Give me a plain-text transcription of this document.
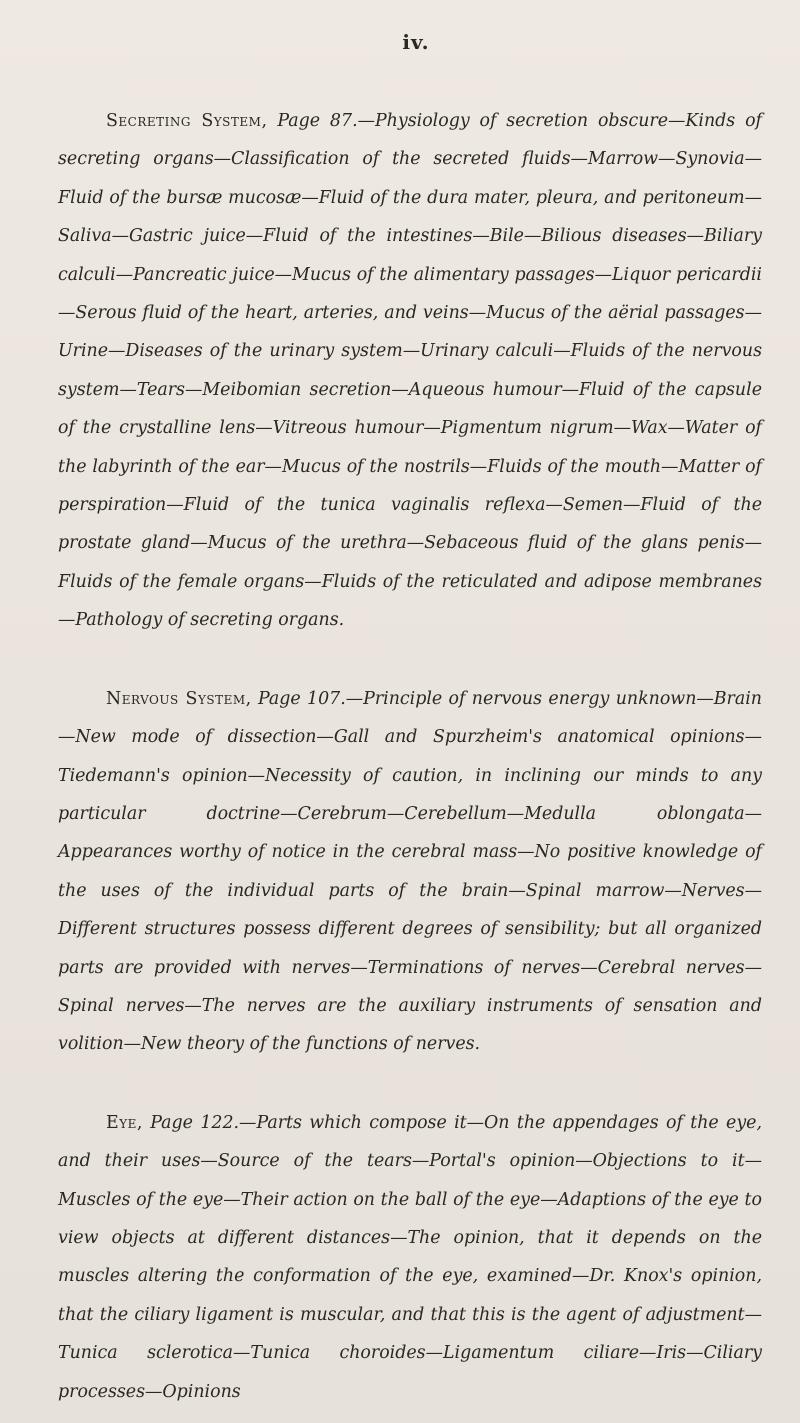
iv.

Secreting System, Page 87.—Physiology of secretion obscure—Kinds of secreting organs—Classification of the secreted fluids—Marrow—Synovia—Fluid of the bursæ mucosæ—Fluid of the dura mater, pleura, and peritoneum—Saliva—Gastric juice—Fluid of the intestines—Bile—Bilious diseases—Biliary calculi—Pancreatic juice—Mucus of the alimentary passages—Liquor pericardii—Serous fluid of the heart, arteries, and veins—Mucus of the aërial passages—Urine—Diseases of the urinary system—Urinary calculi—Fluids of the nervous system—Tears—Meibomian secretion—Aqueous humour—Fluid of the capsule of the crystalline lens—Vitreous humour—Pigmentum nigrum—Wax—Water of the labyrinth of the ear—Mucus of the nostrils—Fluids of the mouth—Matter of perspiration—Fluid of the tunica vaginalis reflexa—Semen—Fluid of the prostate gland—Mucus of the urethra—Sebaceous fluid of the glans penis—Fluids of the female organs—Fluids of the reticulated and adipose membranes—Pathology of secreting organs.

Nervous System, Page 107.—Principle of nervous energy unknown—Brain—New mode of dissection—Gall and Spurzheim's anatomical opinions—Tiedemann's opinion—Necessity of caution, in inclining our minds to any particular doctrine—Cerebrum—Cerebellum—Medulla oblongata—Appearances worthy of notice in the cerebral mass—No positive knowledge of the uses of the individual parts of the brain—Spinal marrow—Nerves—Different structures possess different degrees of sensibility; but all organized parts are provided with nerves—Terminations of nerves—Cerebral nerves—Spinal nerves—The nerves are the auxiliary instruments of sensation and volition—New theory of the functions of nerves.

Eye, Page 122.—Parts which compose it—On the appendages of the eye, and their uses—Source of the tears—Portal's opinion—Objections to it—Muscles of the eye—Their action on the ball of the eye—Adaptions of the eye to view objects at different distances—The opinion, that it depends on the muscles altering the conformation of the eye, examined—Dr. Knox's opinion, that the ciliary ligament is muscular, and that this is the agent of adjustment—Tunica sclerotica—Tunica choroides—Ligamentum ciliare—Iris—Ciliary processes—Opinions
